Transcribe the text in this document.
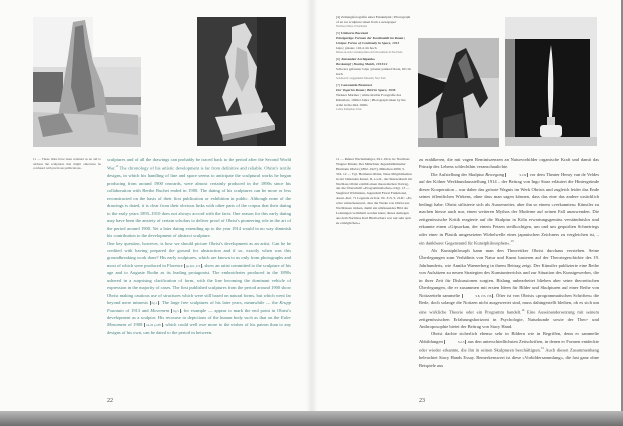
11 — These titles have been retained as an aid to address the sculptures that might otherwise be confused with previous publications.

sculptures and of all the drawings can probably be traced back to the period after the Second World War.$^{11}$ The chronology of his artistic development is far from definitive and reliable. Obrist's textile designs, in which his handling of line and space seems to anticipate the sculptural works he began producing from around 1900 onwards, were almost certainly produced in the 1890s since his collaboration with Berthe Ruchet ended in 1900. The dating of his sculptures can be more or less reconstructed on the basis of their first publication or exhibition in public. Although none of the drawings is dated, it is clear from their obvious links with other parts of the corpus that their dating to the early years 1895–1910 does not always accord with the facts. One reason for this early dating may have been the anxiety of certain scholars to deliver proof of Obrist's pioneering role in the art of the period around 1900. Yet a later dating extending up to the year 1914 would in no way diminish his contribution to the development of abstract sculpture.

One key question, however, is how we should picture Obrist's development as an artist. Can he be credited with having prepared the ground for abstraction and if so, exactly when was this groundbreaking work done? His early sculptures, which are known to us only from photographs and most of which were produced in Florence pp.461, 472 , show an artist committed to the sculpture of his age and to Auguste Rodin as its leading protagonist. The embroideries produced in the 1890s ushered in a surprising clarification of form, with the line becoming the dominant vehicle of expression in the majority of cases. The first published sculptures from the period around 1900 show Obrist making cautious use of structures which were still based on natural forms, but which went far beyond mere mimesis fig.1 . The large free sculptures of his later years, meanwhile — the Krupp Fountain of 1913 and Movement fig.5 , for example — appear to mark the end point in Obrist's development as a sculptor. His recourse to depictions of the human body such as that on the Euler Monument of 1908 cat.26 p.188 , which could well owe more to the wishes of his patron than to any designs of his own, can be dated to the period in between.

22

[4] Zeitungsfotografie einer Eisskulptur | Photograph of an ice sculpture taken from a newspaper
Nachlass Obrist, Privatbesitz

[5] Umberto Boccioni
Einzigartige Formen der Kontinuität im Raum | Unique Forms of Continuity in Space, 1913
Gips | plaster, 116,4 cm hoch
Museu de Arte Contemporânea da Universidade de São Paulo

[6] Alexander Archipenko
Boxkampf | Boxing Match, 1913/14
Schwarz gefasster Gips | plaster painted black, 60 cm hoch
Solomon R. Guggenheim Museum, New York

[7] Constantin Brancusi
Der Vogel im Raum | Bird in Space, 1936
Weisser Marmor | white marble Fotografie des Künstlers, 1920er Jahre | Photograph taken by the artist in the mid-1920s
Centre Pompidou, Paris

11 — Reiner Wachsmuttger, 29.1.1914, in: Nachlass Wagner Rinder, Der Münchner Jugendstilkünstler Hermann Obrist (1862–1927), München 2009, S. 316. 12 — Vgl. Hermann Obrist, Neue Möglichkeiten in der bildenden Kunst, II, a.a.O., das Skizzenbuch im Nachlass Obrist erzählt einen theoretischen Vortrag, der die Überschrift »Programmatisches« trägt. 13 — Siegfried Wichmann, Jugendstil Floral Funktional, Ausst.-Kat. 71 Legende zu Kat. Nr. 313, S. 214f.: »Es wäre wünschenswert, dass die Werke von Obrist aus Nachlässen rücken, damit ein umfassendes Bild der Leistungen vermittelt werden kann; dieses Anliegen aus dem Nachlass Karl Birnbachers war nur sehr spät zu ermöglichen.«

zu erahlkeren, die mit vagen Reminiszenzen an Naturvorbilder organische Kraft und damit das Prinzip des Lebens schlechthin veranschaulichte.

Die Aufstellung der Skulptur Bewegung	S.132 vor dem Theater Henry van de Veldes auf der Kölner Werkbundausstellung 1914 – der Beitrag von Ingo Starz erläutert die Hintergründe dieser Kooperation – war daher das grösste Wagnis im Werk Obrists und zugleich leider das Ende seines öffentlichen Wirkens, ohne dass man sagen können, dass das eine das andere ursächlich bedingt habe. Obrist stilisierte sich als Aussenseiter, aber ihn so einem »verkannten« Künstler zu machen hiesse auch nur, einen weiteren Mythos der Moderne auf seinen Fall anzuwenden. Die zeitgenössische Kritik reagierte auf die Skulptur in Köln erwartungsgemäss verständnislos und erkannte einen »Gipsorkan, der einem Fetzen steifkochigen, um und um gequirlten Schneiriegs oder einer in Plastik umgesetzten Wirbelwelle eines japanischen Zeichners zu vergleichen ist, – ein dankbarer Gegenstand für Kunstphilosophen«.$^{13}$

Als Kunstphilosoph kann man den Theoretiker Obrist durchaus verstehen. Seine Überlegungen zum Verhältnis von Natur und Kunst basieren auf der Theoriegeschichte des 19. Jahrhunderts, wie Annika Waenerberg in ihrem Beitrag zeigt. Der Künstler publizierte eine Reihe von Aufsätzen zu neuen Strategien des Kunstunterrichts und zur Situation des Kunstgewerbes, die in ihrer Zeit für Diskussionen sorgten. Bislang unbearbeitet blieben aber seine theoretischen Überlegungen, die er zusammen mit ersten Ideen für Bilder und Skulpturen auf einer Reihe von Notizzetteln sammelte	S.8, 155, 156 . Öfter ist von Obrists »programmatischen Schriften« die Rede, doch solange die Notizen nicht ausgewertet sind, muss dahingestellt bleiben, ob es sich um eine wirkliche Theorie oder ein Programm handelt.$^{14}$ Eine Auseinandersetzung mit seinem zeitgenössischen Erfahrungshorizont in Psychologie, Naturkunde sowie der Theo- und Anthroposophie bietet der Beitrag von Stacy Hand.

Obrist dachte sicherlich ebenso sehr in Bildern wie in Begriffen, denn er sammelte Abbildungen	S.2-5 aus den unterschiedlichsten Zeitschriften, in denen er Formen entdeckte oder wieder erkannte, die ihn in seinen Skulpturen beschäftigten.$^{15}$ Auch diesen Zusammenhang beleuchtet Stacy Hands Essay. Bemerkenswert ist diese »Vorbildersammlung«, die fast ganz ohne Beispiele aus

23
